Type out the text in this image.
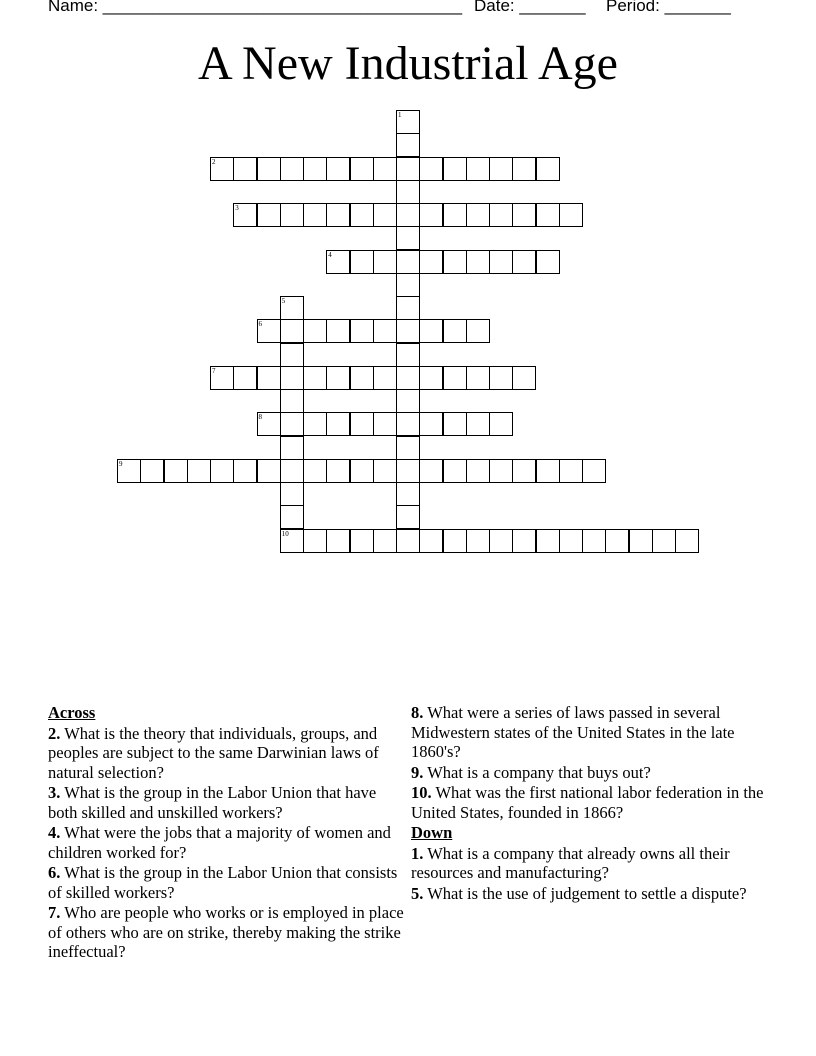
Name: ______________________________________ Date: _______ Period: _______
A New Industrial Age
1
2
3
4
5
6
7
8
9
10
Across
2. What is the theory that individuals, groups, and peoples are subject to the same Darwinian laws of natural selection?
3. What is the group in the Labor Union that have both skilled and unskilled workers?
4. What were the jobs that a majority of women and children worked for?
6. What is the group in the Labor Union that consists of skilled workers?
7. Who are people who works or is employed in place of others who are on strike, thereby making the strike ineffectual?
8. What were a series of laws passed in several Midwestern states of the United States in the late 1860's?
9. What is a company that buys out?
10. What was the first national labor federation in the United States, founded in 1866?
Down
1. What is a company that already owns all their resources and manufacturing?
5. What is the use of judgement to settle a dispute?
